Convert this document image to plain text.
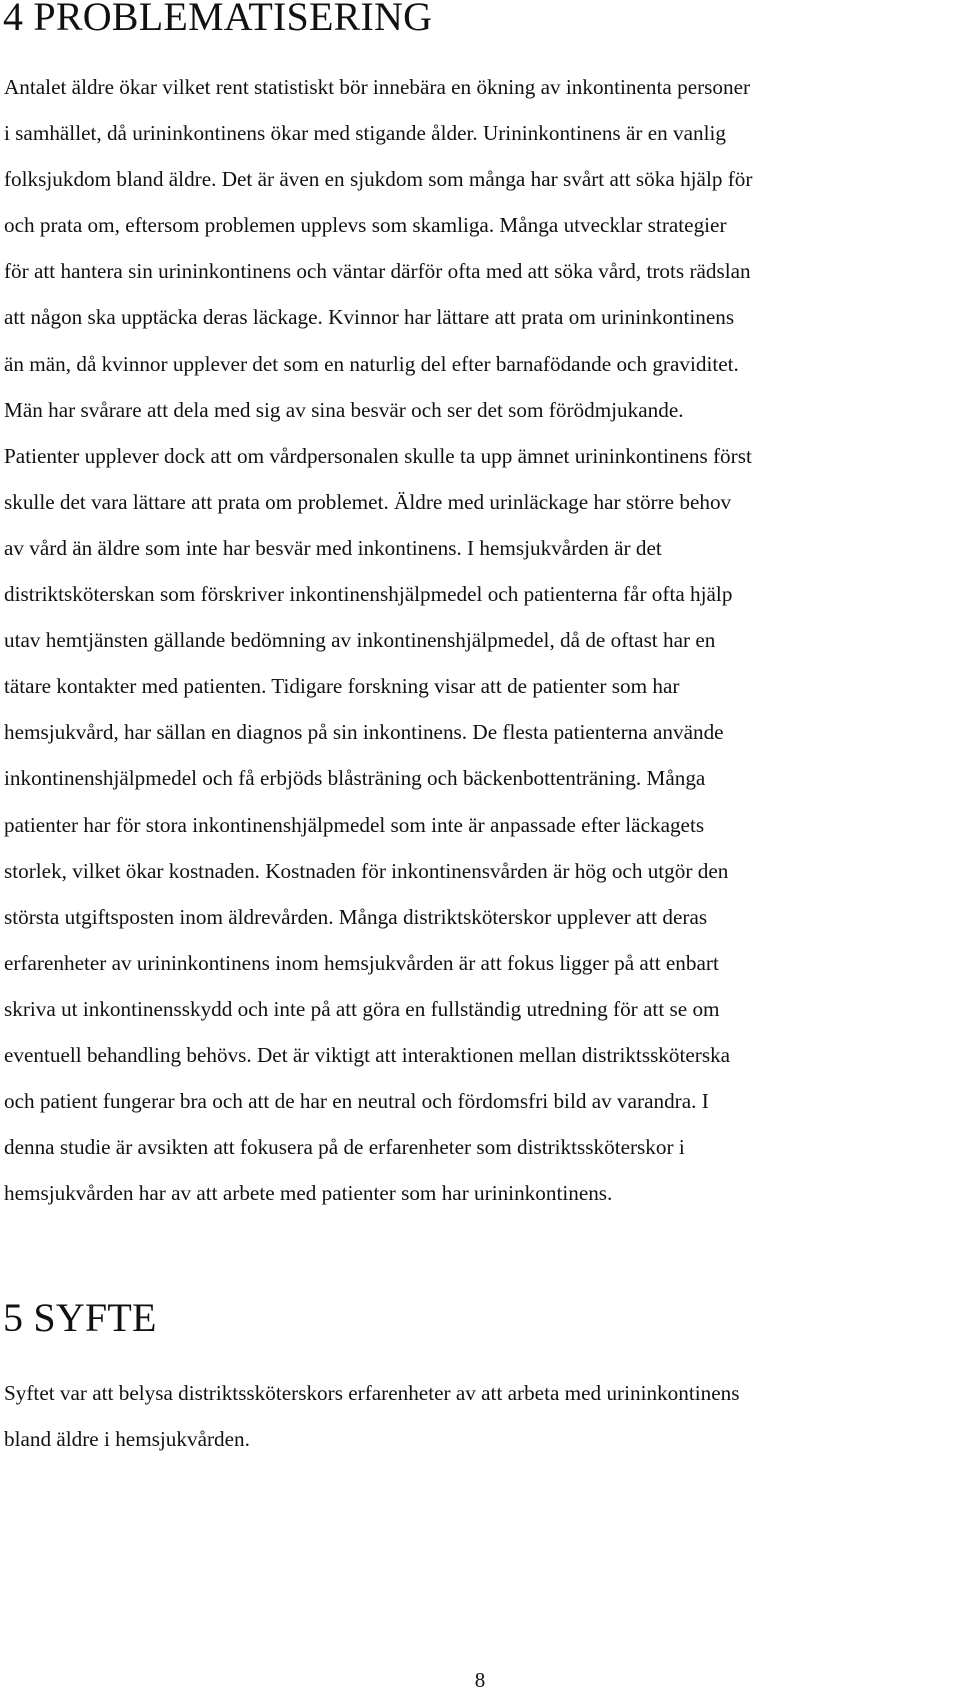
4 PROBLEMATISERING
Antalet äldre ökar vilket rent statistiskt bör innebära en ökning av inkontinenta personer
i samhället, då urininkontinens ökar med stigande ålder. Urininkontinens är en vanlig
folksjukdom bland äldre. Det är även en sjukdom som många har svårt att söka hjälp för
och prata om, eftersom problemen upplevs som skamliga. Många utvecklar strategier
för att hantera sin urininkontinens och väntar därför ofta med att söka vård, trots rädslan
att någon ska upptäcka deras läckage. Kvinnor har lättare att prata om urininkontinens
än män, då kvinnor upplever det som en naturlig del efter barnafödande och graviditet.
Män har svårare att dela med sig av sina besvär och ser det som förödmjukande.
Patienter upplever dock att om vårdpersonalen skulle ta upp ämnet urininkontinens först
skulle det vara lättare att prata om problemet. Äldre med urinläckage har större behov
av vård än äldre som inte har besvär med inkontinens. I hemsjukvården är det
distriktsköterskan som förskriver inkontinenshjälpmedel och patienterna får ofta hjälp
utav hemtjänsten gällande bedömning av inkontinenshjälpmedel, då de oftast har en
tätare kontakter med patienten. Tidigare forskning visar att de patienter som har
hemsjukvård, har sällan en diagnos på sin inkontinens. De flesta patienterna använde
inkontinenshjälpmedel och få erbjöds blåsträning och bäckenbottenträning. Många
patienter har för stora inkontinenshjälpmedel som inte är anpassade efter läckagets
storlek, vilket ökar kostnaden. Kostnaden för inkontinensvården är hög och utgör den
största utgiftsposten inom äldrevården. Många distriktsköterskor upplever att deras
erfarenheter av urininkontinens inom hemsjukvården är att fokus ligger på att enbart
skriva ut inkontinensskydd och inte på att göra en fullständig utredning för att se om
eventuell behandling behövs. Det är viktigt att interaktionen mellan distriktssköterska
och patient fungerar bra och att de har en neutral och fördomsfri bild av varandra. I
denna studie är avsikten att fokusera på de erfarenheter som distriktssköterskor i
hemsjukvården har av att arbete med patienter som har urininkontinens.
5 SYFTE
Syftet var att belysa distriktssköterskors erfarenheter av att arbeta med urininkontinens
bland äldre i hemsjukvården.
8
